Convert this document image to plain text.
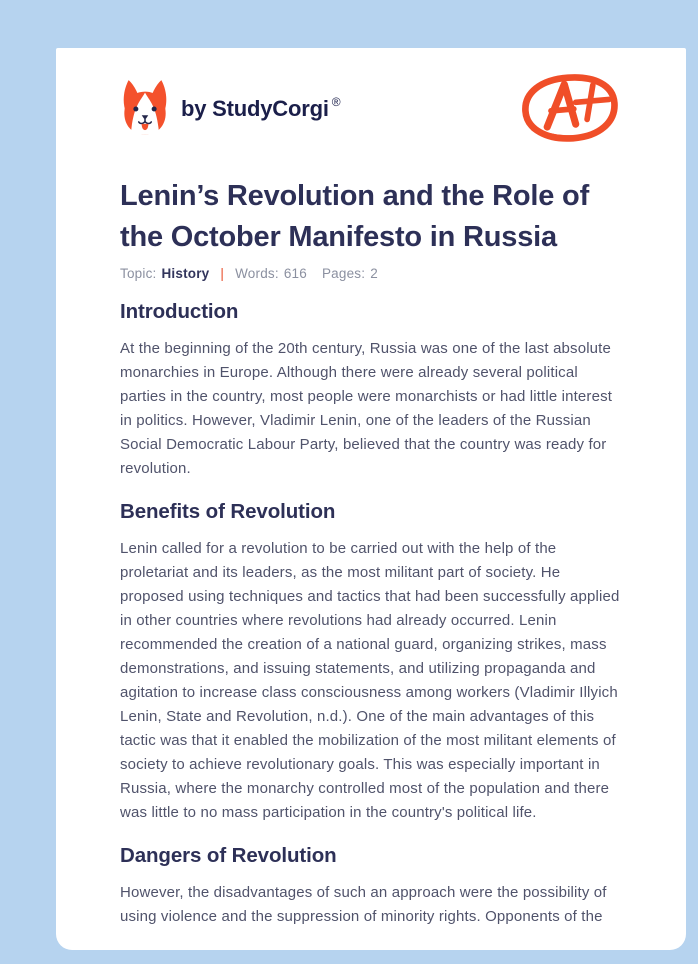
by StudyCorgi ®
Lenin’s Revolution and the Role of the October Manifesto in Russia
Topic: History | Words: 616 Pages: 2
Introduction

At the beginning of the 20th century, Russia was one of the last absolute monarchies in Europe. Although there were already several political parties in the country, most people were monarchists or had little interest in politics. However, Vladimir Lenin, one of the leaders of the Russian Social Democratic Labour Party, believed that the country was ready for revolution.

Benefits of Revolution

Lenin called for a revolution to be carried out with the help of the proletariat and its leaders, as the most militant part of society. He proposed using techniques and tactics that had been successfully applied in other countries where revolutions had already occurred. Lenin recommended the creation of a national guard, organizing strikes, mass demonstrations, and issuing statements, and utilizing propaganda and agitation to increase class consciousness among workers (Vladimir Illyich Lenin, State and Revolution, n.d.). One of the main advantages of this tactic was that it enabled the mobilization of the most militant elements of society to achieve revolutionary goals. This was especially important in Russia, where the monarchy controlled most of the population and there was little to no mass participation in the country's political life.

Dangers of Revolution

However, the disadvantages of such an approach were the possibility of using violence and the suppression of minority rights. Opponents of the
